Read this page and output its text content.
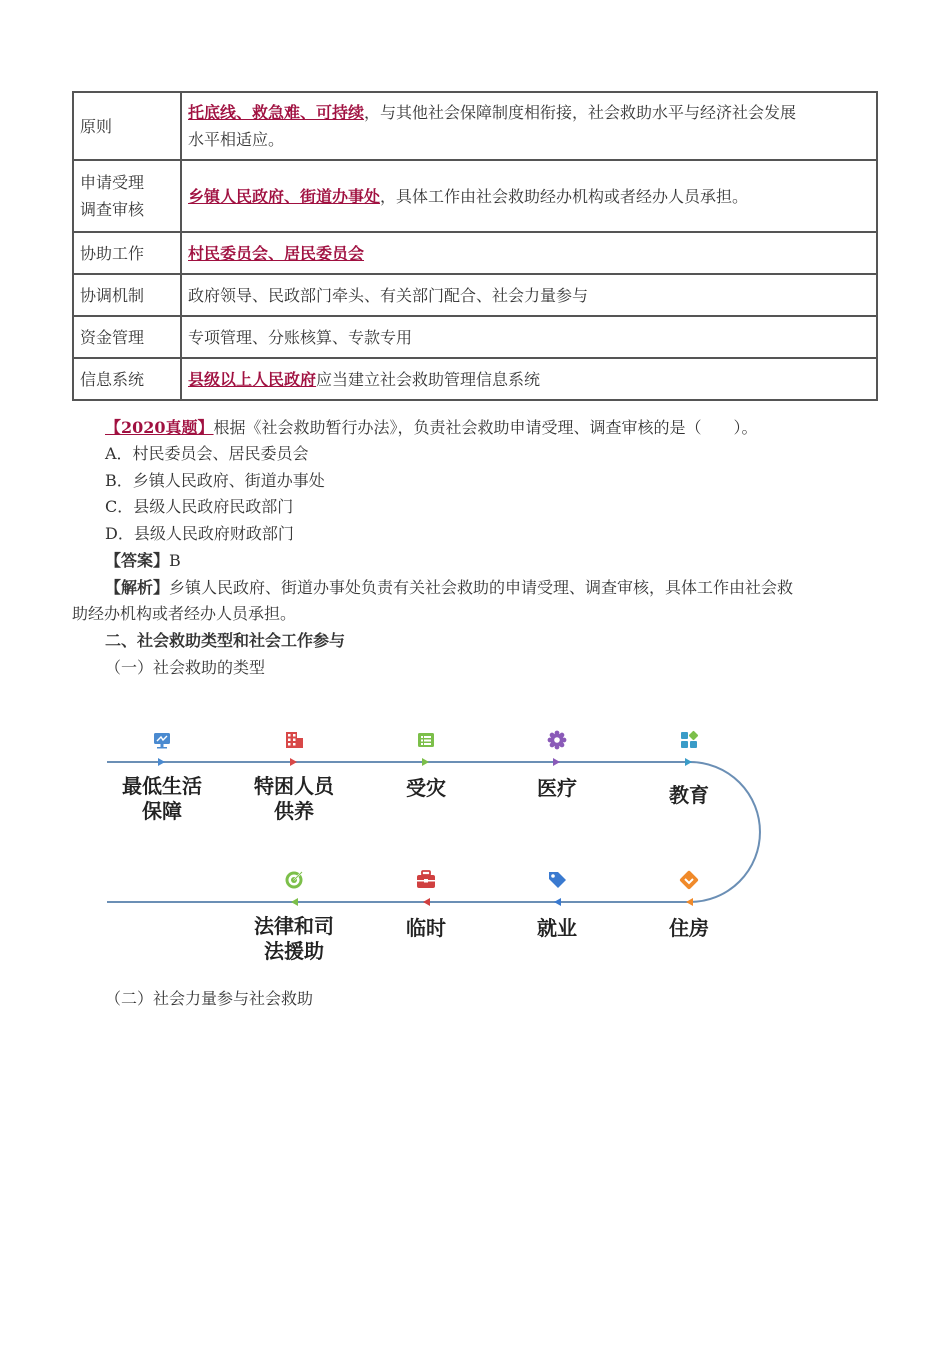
原则	托底线、救急难、可持续，与其他社会保障制度相衔接，社会救助水平与经济社会发展
水平相适应。

申请受理
调查审核	乡镇人民政府、街道办事处，具体工作由社会救助经办机构或者经办人员承担。

协助工作	村民委员会、居民委员会

协调机制	政府领导、民政部门牵头、有关部门配合、社会力量参与

资金管理	专项管理、分账核算、专款专用

信息系统	县级以上人民政府应当建立社会救助管理信息系统
【2020真题】根据《社会救助暂行办法》，负责社会救助申请受理、调查审核的是（　　）。
A．村民委员会、居民委员会
B．乡镇人民政府、街道办事处
C．县级人民政府民政部门
D．县级人民政府财政部门
【答案】B
【解析】乡镇人民政府、街道办事处负责有关社会救助的申请受理、调查审核，具体工作由社会救
助经办机构或者经办人员承担。
二、社会救助类型和社会工作参与
（一）社会救助的类型
最低生活
保障
特困人员
供养
受灾	医疗	教育
住房
就业
临时
法律和司
法援助
（二）社会力量参与社会救助
